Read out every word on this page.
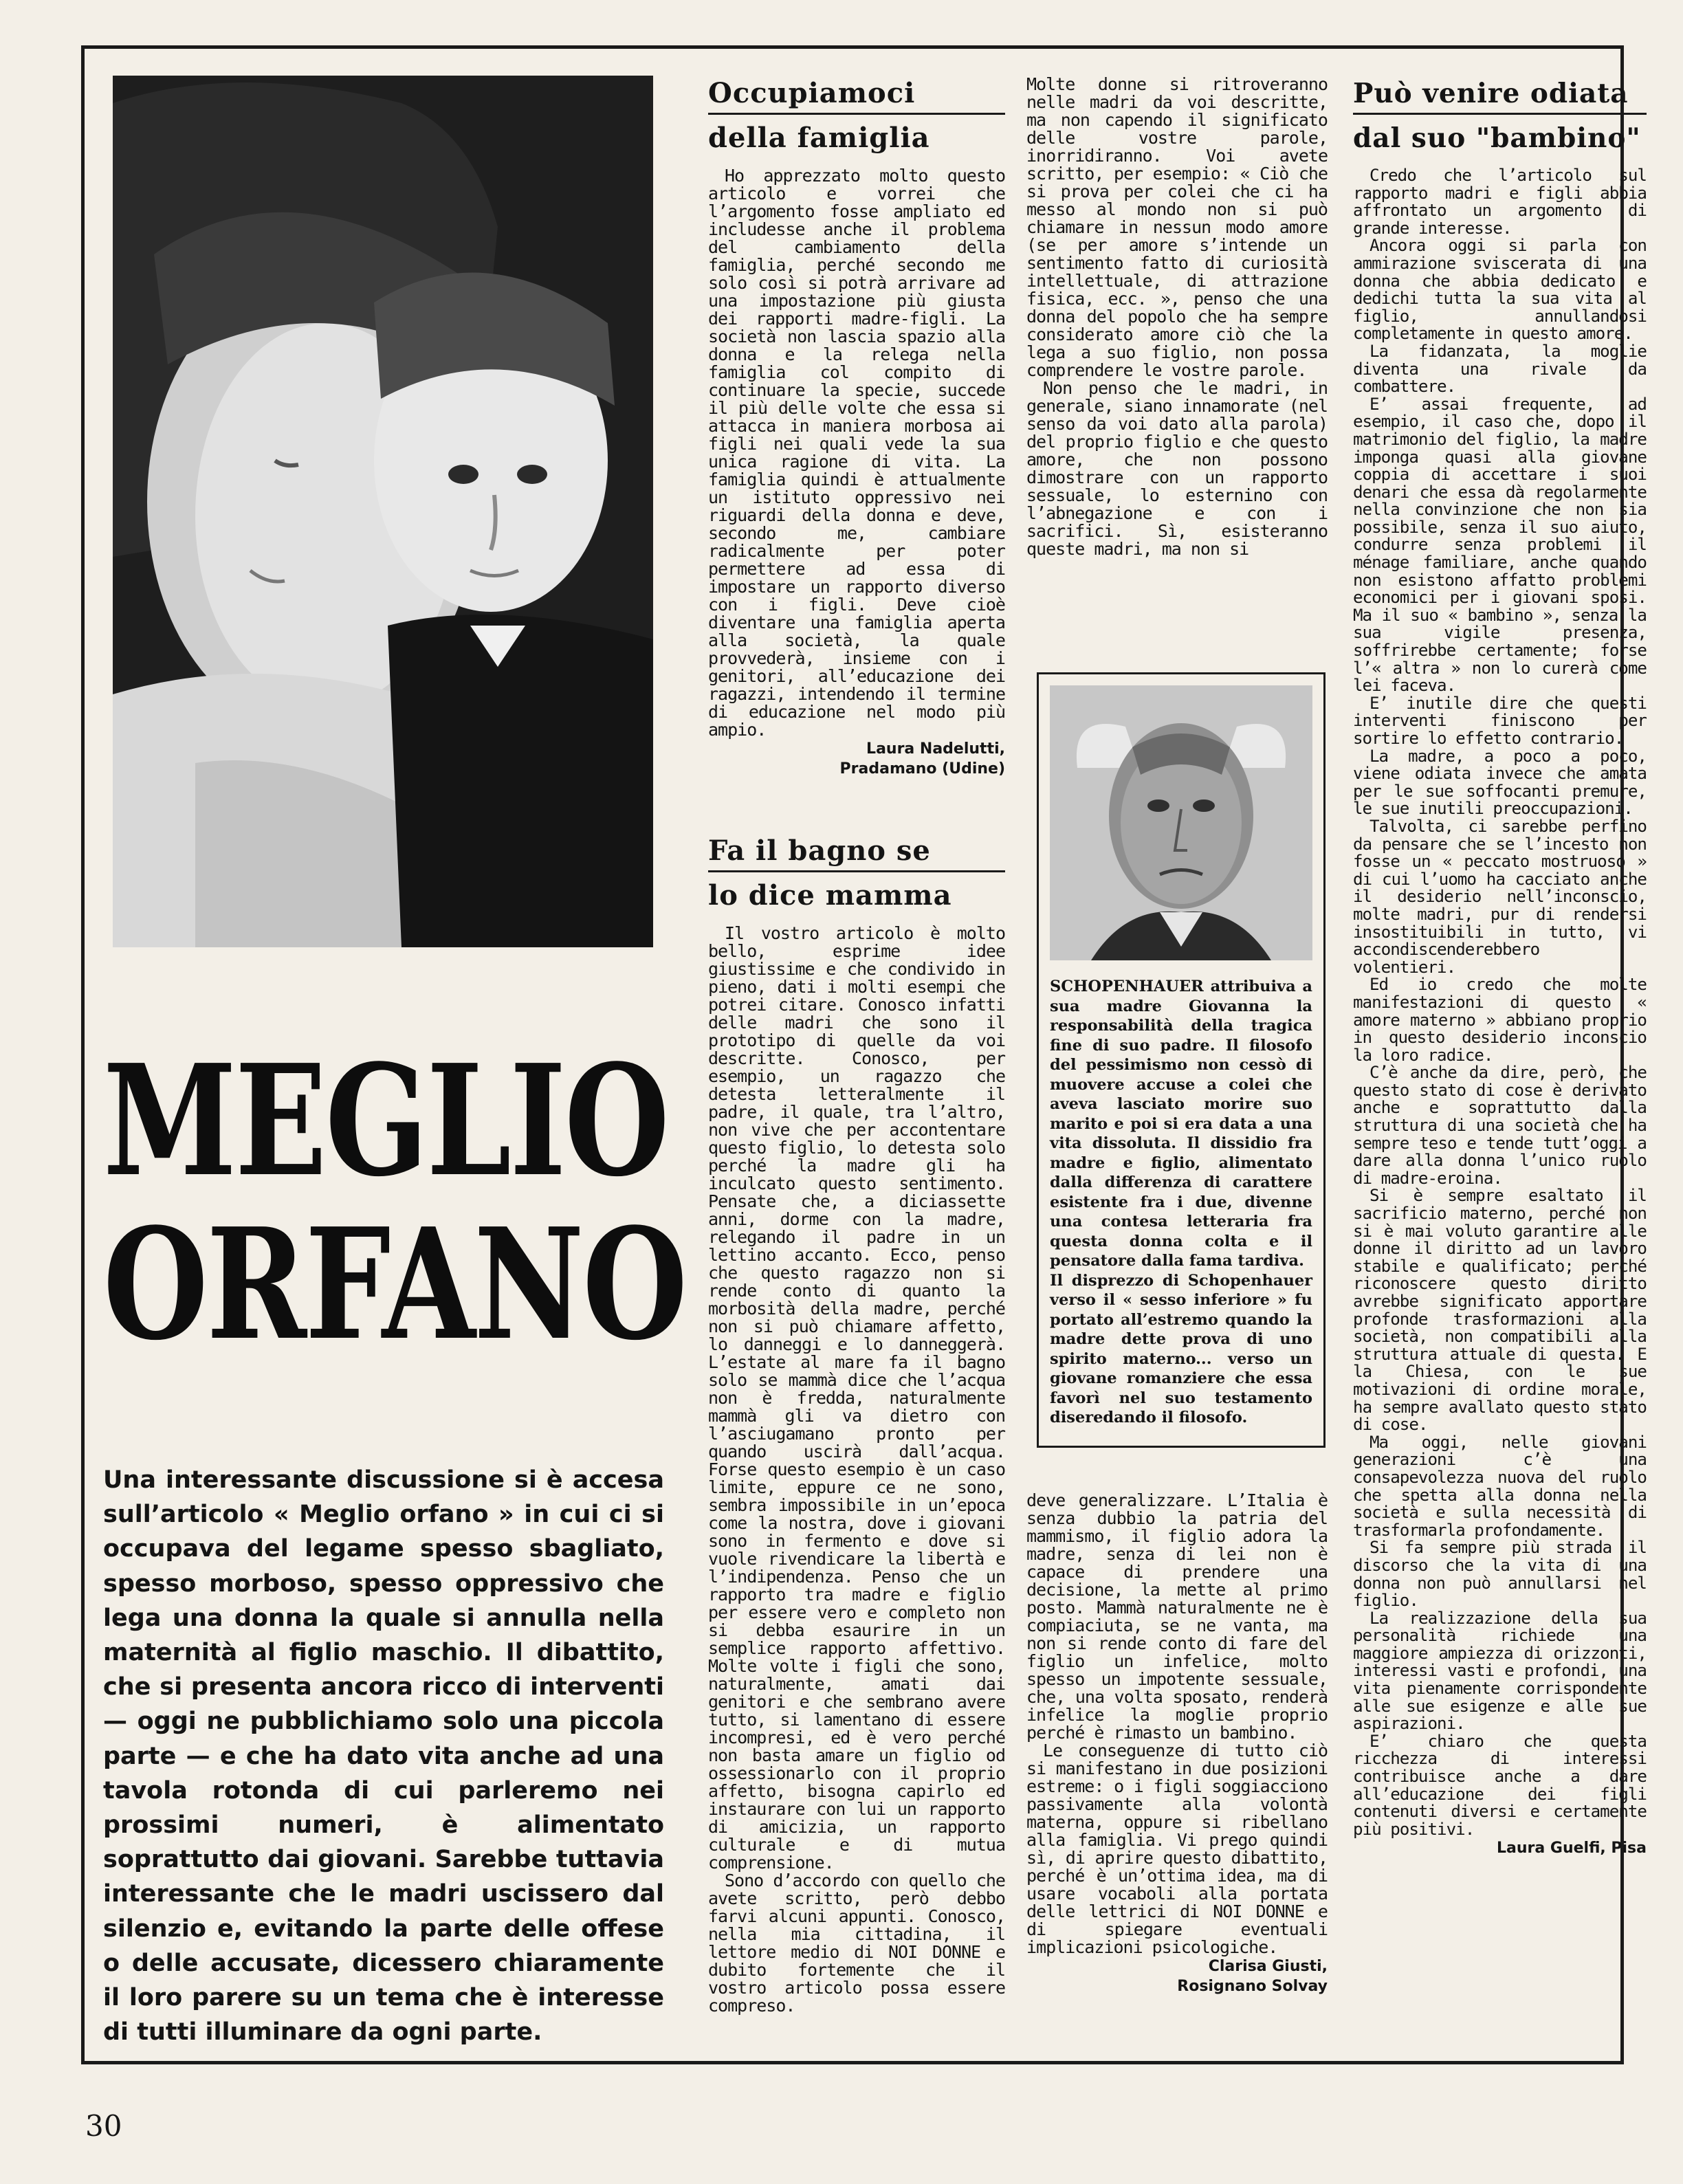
MEGLIO
ORFANO

Una interessante discussione si è accesa sull’articolo « Meglio orfano » in cui ci si occupava del legame spesso sbagliato, spesso morboso, spesso oppressivo che lega una donna la quale si annulla nella maternità al figlio maschio. Il dibattito, che si presenta ancora ricco di interventi — oggi ne pubblichiamo solo una piccola parte — e che ha dato vita anche ad una tavola rotonda di cui parleremo nei prossimi numeri, è alimentato soprattutto dai giovani. Sarebbe tuttavia interessante che le madri uscissero dal silenzio e, evitando la parte delle offese o delle accusate, dicessero chiaramente il loro parere su un tema che è interesse di tutti illuminare da ogni parte.

Occupiamoci
della famiglia

Ho apprezzato molto questo articolo e vorrei che l’argomento fosse ampliato ed includesse anche il problema del cambiamento della famiglia, perché secondo me solo così si potrà arrivare ad una impostazione più giusta dei rapporti madre-figli. La società non lascia spazio alla donna e la relega nella famiglia col compito di continuare la specie, succede il più delle volte che essa si attacca in maniera morbosa ai figli nei quali vede la sua unica ragione di vita. La famiglia quindi è attualmente un istituto oppressivo nei riguardi della donna e deve, secondo me, cambiare radicalmente per poter permettere ad essa di impostare un rapporto diverso con i figli. Deve cioè diventare una famiglia aperta alla società, la quale provvederà, insieme con i genitori, all’educazione dei ragazzi, intendendo il termine di educazione nel modo più ampio.

Laura Nadelutti,
Pradamano (Udine)
Fa il bagno se
lo dice mamma

Il vostro articolo è molto bello, esprime idee giustissime e che condivido in pieno, dati i molti esempi che potrei citare. Conosco infatti delle madri che sono il prototipo di quelle da voi descritte. Conosco, per esempio, un ragazzo che detesta letteralmente il padre, il quale, tra l’altro, non vive che per accontentare questo figlio, lo detesta solo perché la madre gli ha inculcato questo sentimento. Pensate che, a diciassette anni, dorme con la madre, relegando il padre in un lettino accanto. Ecco, penso che questo ragazzo non si rende conto di quanto la morbosità della madre, perché non si può chiamare affetto, lo danneggi e lo danneggerà. L’estate al mare fa il bagno solo se mammà dice che l’acqua non è fredda, naturalmente mammà gli va dietro con l’asciugamano pronto per quando uscirà dall’acqua. Forse questo esempio è un caso limite, eppure ce ne sono, sembra impossibile in un’epoca come la nostra, dove i giovani sono in fermento e dove si vuole rivendicare la libertà e l’indipendenza. Penso che un rapporto tra madre e figlio per essere vero e completo non si debba esaurire in un semplice rapporto affettivo. Molte volte i figli che sono, naturalmente, amati dai genitori e che sembrano avere tutto, si lamentano di essere incompresi, ed è vero perché non basta amare un figlio od ossessionarlo con il proprio affetto, bisogna capirlo ed instaurare con lui un rapporto di amicizia, un rapporto culturale e di mutua comprensione.

Sono d’accordo con quello che avete scritto, però debbo farvi alcuni appunti. Conosco, nella mia cittadina, il lettore medio di NOI DONNE e dubito fortemente che il vostro articolo possa essere compreso.

Molte donne si ritroveranno nelle madri da voi descritte, ma non capendo il significato delle vostre parole, inorridiranno. Voi avete scritto, per esempio: « Ciò che si prova per colei che ci ha messo al mondo non si può chiamare in nessun modo amore (se per amore s’intende un sentimento fatto di curiosità intellettuale, di attrazione fisica, ecc. », penso che una donna del popolo che ha sempre considerato amore ciò che la lega a suo figlio, non possa comprendere le vostre parole.

Non penso che le madri, in generale, siano innamorate (nel senso da voi dato alla parola) del proprio figlio e che questo amore, che non possono dimostrare con un rapporto sessuale, lo esternino con l’abnegazione e con i sacrifici. Sì, esisteranno queste madri, ma non si

SCHOPENHAUER attribuiva a sua madre Giovanna la responsabilità della tragica fine di suo padre. Il filosofo del pessimismo non cessò di muovere accuse a colei che aveva lasciato morire suo marito e poi si era data a una vita dissoluta. Il dissidio fra madre e figlio, alimentato dalla differenza di carattere esistente fra i due, divenne una contesa letteraria fra questa donna colta e il pensatore dalla fama tardiva.

Il disprezzo di Schopenhauer verso il « sesso inferiore » fu portato all’estremo quando la madre dette prova di uno spirito materno... verso un giovane romanziere che essa favorì nel suo testamento diseredando il filosofo.

deve generalizzare. L’Italia è senza dubbio la patria del mammismo, il figlio adora la madre, senza di lei non è capace di prendere una decisione, la mette al primo posto. Mammà naturalmente ne è compiaciuta, se ne vanta, ma non si rende conto di fare del figlio un infelice, molto spesso un impotente sessuale, che, una volta sposato, renderà infelice la moglie proprio perché è rimasto un bambino.

Le conseguenze di tutto ciò si manifestano in due posizioni estreme: o i figli soggiacciono passivamente alla volontà materna, oppure si ribellano alla famiglia. Vi prego quindi sì, di aprire questo dibattito, perché è un’ottima idea, ma di usare vocaboli alla portata delle lettrici di NOI DONNE e di spiegare eventuali implicazioni psicologiche.

Clarisa Giusti,
Rosignano Solvay
Può venire odiata
dal suo "bambino"

Credo che l’articolo sul rapporto madri e figli abbia affrontato un argomento di grande interesse.

Ancora oggi si parla con ammirazione sviscerata di una donna che abbia dedicato e dedichi tutta la sua vita al figlio, annullandosi completamente in questo amore.

La fidanzata, la moglie diventa una rivale da combattere.

E’ assai frequente, ad esempio, il caso che, dopo il matrimonio del figlio, la madre imponga quasi alla giovane coppia di accettare i suoi denari che essa dà regolarmente nella convinzione che non sia possibile, senza il suo aiuto, condurre senza problemi il ménage familiare, anche quando non esistono affatto problemi economici per i giovani sposi. Ma il suo « bambino », senza la sua vigile presenza, soffrirebbe certamente; forse l’« altra » non lo curerà come lei faceva.

E’ inutile dire che questi interventi finiscono per sortire lo effetto contrario.

La madre, a poco a poco, viene odiata invece che amata per le sue soffocanti premure, le sue inutili preoccupazioni.

Talvolta, ci sarebbe perfino da pensare che se l’incesto non fosse un « peccato mostruoso » di cui l’uomo ha cacciato anche il desiderio nell’inconscio, molte madri, pur di rendersi insostituibili in tutto, vi accondiscenderebbero volentieri.

Ed io credo che molte manifestazioni di questo « amore materno » abbiano proprio in questo desiderio inconscio la loro radice.

C’è anche da dire, però, che questo stato di cose è derivato anche e soprattutto dalla struttura di una società che ha sempre teso e tende tutt’oggi a dare alla donna l’unico ruolo di madre-eroina.

Si è sempre esaltato il sacrificio materno, perché non si è mai voluto garantire alle donne il diritto ad un lavoro stabile e qualificato; perché riconoscere questo diritto avrebbe significato apportare profonde trasformazioni alla società, non compatibili alla struttura attuale di questa. E la Chiesa, con le sue motivazioni di ordine morale, ha sempre avallato questo stato di cose.

Ma oggi, nelle giovani generazioni c’è una consapevolezza nuova del ruolo che spetta alla donna nella società e sulla necessità di trasformarla profondamente.

Si fa sempre più strada il discorso che la vita di una donna non può annullarsi nel figlio.

La realizzazione della sua personalità richiede una maggiore ampiezza di orizzonti, interessi vasti e profondi, una vita pienamente corrispondente alle sue esigenze e alle sue aspirazioni.

E’ chiaro che questa ricchezza di interessi contribuisce anche a dare all’educazione dei figli contenuti diversi e certamente più positivi.

Laura Guelfi, Pisa
30
